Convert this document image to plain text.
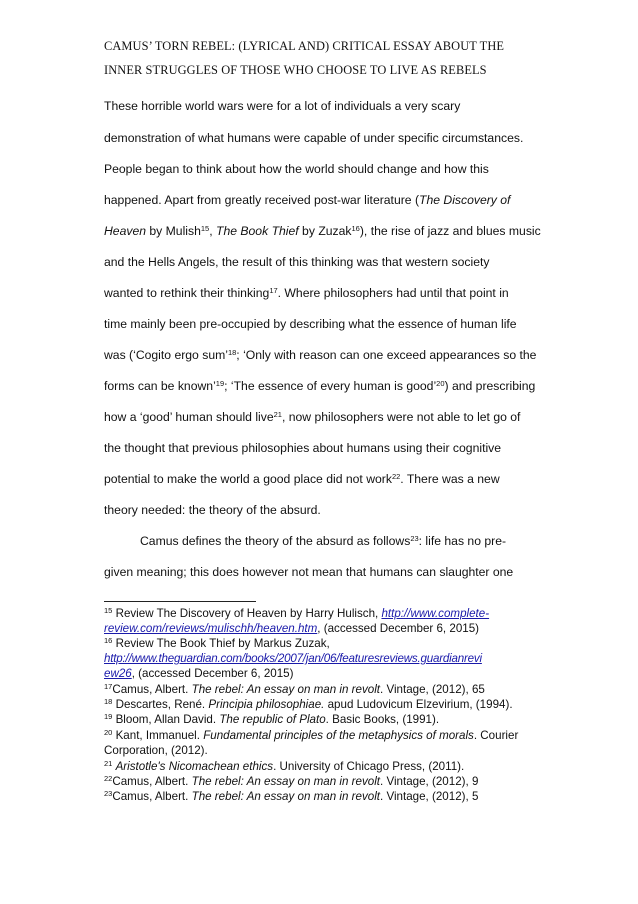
CAMUS’ TORN REBEL: (LYRICAL AND) CRITICAL ESSAY ABOUT THE
INNER STRUGGLES OF THOSE WHO CHOOSE TO LIVE AS REBELS
These horrible world wars were for a lot of individuals a very scary
demonstration of what humans were capable of under specific circumstances.
People began to think about how the world should change and how this
happened. Apart from greatly received post-war literature (The Discovery of
Heaven by Mulish$^{15}$, The Book Thief by Zuzak$^{16}$), the rise of jazz and blues music
and the Hells Angels, the result of this thinking was that western society
wanted to rethink their thinking$^{17}$. Where philosophers had until that point in
time mainly been pre-occupied by describing what the essence of human life
was (‘Cogito ergo sum’$^{18}$; ‘Only with reason can one exceed appearances so the
forms can be known’$^{19}$; ‘The essence of every human is good’$^{20}$) and prescribing
how a ‘good’ human should live$^{21}$, now philosophers were not able to let go of
the thought that previous philosophies about humans using their cognitive
potential to make the world a good place did not work$^{22}$. There was a new
theory needed: the theory of the absurd.
Camus defines the theory of the absurd as follows$^{23}$: life has no pre-
given meaning; this does however not mean that humans can slaughter one
$^{15}$ Review The Discovery of Heaven by Harry Hulisch, http://www.complete-
review.com/reviews/mulischh/heaven.htm, (accessed December 6, 2015)
$^{16}$ Review The Book Thief by Markus Zuzak,
http://www.theguardian.com/books/2007/jan/06/featuresreviews.guardianrevi
ew26, (accessed December 6, 2015)
$^{17}$Camus, Albert. The rebel: An essay on man in revolt. Vintage, (2012), 65
$^{18}$ Descartes, René. Principia philosophiae. apud Ludovicum Elzevirium, (1994).
$^{19}$ Bloom, Allan David. The republic of Plato. Basic Books, (1991).
$^{20}$ Kant, Immanuel. Fundamental principles of the metaphysics of morals. Courier
Corporation, (2012).
$^{21}$ Aristotle's Nicomachean ethics. University of Chicago Press, (2011).
$^{22}$Camus, Albert. The rebel: An essay on man in revolt. Vintage, (2012), 9
$^{23}$Camus, Albert. The rebel: An essay on man in revolt. Vintage, (2012), 5
